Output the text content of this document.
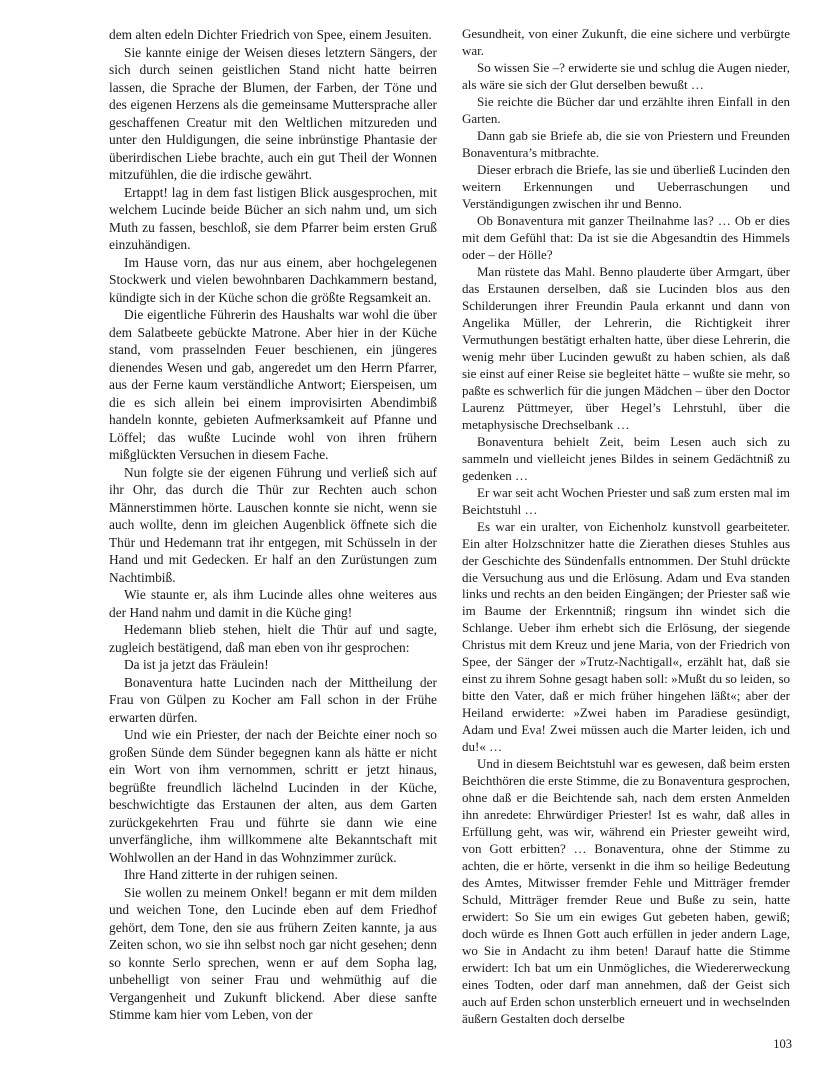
dem alten edeln Dichter Friedrich von Spee, einem Jesuiten.

Sie kannte einige der Weisen dieses letztern Sängers, der sich durch seinen geistlichen Stand nicht hatte beirren lassen, die Sprache der Blumen, der Farben, der Töne und des eigenen Herzens als die gemeinsame Muttersprache aller geschaffenen Creatur mit den Weltlichen mitzureden und unter den Huldigungen, die seine inbrünstige Phantasie der überirdischen Liebe brachte, auch ein gut Theil der Wonnen mitzufühlen, die die irdische gewährt.

Ertappt! lag in dem fast listigen Blick ausgesprochen, mit welchem Lucinde beide Bücher an sich nahm und, um sich Muth zu fassen, beschloß, sie dem Pfarrer beim ersten Gruß einzuhändigen.

Im Hause vorn, das nur aus einem, aber hochgelegenen Stockwerk und vielen bewohnbaren Dachkammern bestand, kündigte sich in der Küche schon die größte Regsamkeit an.

Die eigentliche Führerin des Haushalts war wohl die über dem Salatbeete gebückte Matrone. Aber hier in der Küche stand, vom prasselnden Feuer beschienen, ein jüngeres dienendes Wesen und gab, angeredet um den Herrn Pfarrer, aus der Ferne kaum verständliche Antwort; Eierspeisen, um die es sich allein bei einem improvisirten Abendimbiß handeln konnte, gebieten Aufmerksamkeit auf Pfanne und Löffel; das wußte Lucinde wohl von ihren frühern mißglückten Versuchen in diesem Fache.

Nun folgte sie der eigenen Führung und verließ sich auf ihr Ohr, das durch die Thür zur Rechten auch schon Männerstimmen hörte. Lauschen konnte sie nicht, wenn sie auch wollte, denn im gleichen Augenblick öffnete sich die Thür und Hedemann trat ihr entgegen, mit Schüsseln in der Hand und mit Gedecken. Er half an den Zurüstungen zum Nachtimbiß.

Wie staunte er, als ihm Lucinde alles ohne weiteres aus der Hand nahm und damit in die Küche ging!

Hedemann blieb stehen, hielt die Thür auf und sagte, zugleich bestätigend, daß man eben von ihr gesprochen:

Da ist ja jetzt das Fräulein!

Bonaventura hatte Lucinden nach der Mittheilung der Frau von Gülpen zu Kocher am Fall schon in der Frühe erwarten dürfen.

Und wie ein Priester, der nach der Beichte einer noch so großen Sünde dem Sünder begegnen kann als hätte er nicht ein Wort von ihm vernommen, schritt er jetzt hinaus, begrüßte freundlich lächelnd Lucinden in der Küche, beschwichtigte das Erstaunen der alten, aus dem Garten zurückgekehrten Frau und führte sie dann wie eine unverfängliche, ihm willkommene alte Bekanntschaft mit Wohlwollen an der Hand in das Wohnzimmer zurück.

Ihre Hand zitterte in der ruhigen seinen.

Sie wollen zu meinem Onkel! begann er mit dem milden und weichen Tone, den Lucinde eben auf dem Friedhof gehört, dem Tone, den sie aus frühern Zeiten kannte, ja aus Zeiten schon, wo sie ihn selbst noch gar nicht gesehen; denn so konnte Serlo sprechen, wenn er auf dem Sopha lag, unbehelligt von seiner Frau und wehmüthig auf die Vergangenheit und Zukunft blickend. Aber diese sanfte Stimme kam hier vom Leben, von der

Gesundheit, von einer Zukunft, die eine sichere und verbürgte war.

So wissen Sie –? erwiderte sie und schlug die Augen nieder, als wäre sie sich der Glut derselben bewußt …

Sie reichte die Bücher dar und erzählte ihren Einfall in den Garten.

Dann gab sie Briefe ab, die sie von Priestern und Freunden Bonaventura’s mitbrachte.

Dieser erbrach die Briefe, las sie und überließ Lucinden den weitern Erkennungen und Ueberraschungen und Verständigungen zwischen ihr und Benno.

Ob Bonaventura mit ganzer Theilnahme las? … Ob er dies mit dem Gefühl that: Da ist sie die Abgesandtin des Himmels oder – der Hölle?

Man rüstete das Mahl. Benno plauderte über Armgart, über das Erstaunen derselben, daß sie Lucinden blos aus den Schilderungen ihrer Freundin Paula erkannt und dann von Angelika Müller, der Lehrerin, die Richtigkeit ihrer Vermuthungen bestätigt erhalten hatte, über diese Lehrerin, die wenig mehr über Lucinden gewußt zu haben schien, als daß sie einst auf einer Reise sie begleitet hätte – wußte sie mehr, so paßte es schwerlich für die jungen Mädchen – über den Doctor Laurenz Püttmeyer, über Hegel’s Lehrstuhl, über die metaphysische Drechselbank …

Bonaventura behielt Zeit, beim Lesen auch sich zu sammeln und vielleicht jenes Bildes in seinem Gedächtniß zu gedenken …

Er war seit acht Wochen Priester und saß zum ersten mal im Beichtstuhl …

Es war ein uralter, von Eichenholz kunstvoll gearbeiteter. Ein alter Holzschnitzer hatte die Zierathen dieses Stuhles aus der Geschichte des Sündenfalls entnommen. Der Stuhl drückte die Versuchung aus und die Erlösung. Adam und Eva standen links und rechts an den beiden Eingängen; der Priester saß wie im Baume der Erkenntniß; ringsum ihn windet sich die Schlange. Ueber ihm erhebt sich die Erlösung, der siegende Christus mit dem Kreuz und jene Maria, von der Friedrich von Spee, der Sänger der »Trutz-Nachtigall«, erzählt hat, daß sie einst zu ihrem Sohne gesagt haben soll: »Mußt du so leiden, so bitte den Vater, daß er mich früher hingehen läßt«; aber der Heiland erwiderte: »Zwei haben im Paradiese gesündigt, Adam und Eva! Zwei müssen auch die Marter leiden, ich und du!« …

Und in diesem Beichtstuhl war es gewesen, daß beim ersten Beichthören die erste Stimme, die zu Bonaventura gesprochen, ohne daß er die Beichtende sah, nach dem ersten Anmelden ihn anredete: Ehrwürdiger Priester! Ist es wahr, daß alles in Erfüllung geht, was wir, während ein Priester geweiht wird, von Gott erbitten? … Bonaventura, ohne der Stimme zu achten, die er hörte, versenkt in die ihm so heilige Bedeutung des Amtes, Mitwisser fremder Fehle und Mitträger fremder Schuld, Mitträger fremder Reue und Buße zu sein, hatte erwidert: So Sie um ein ewiges Gut gebeten haben, gewiß; doch würde es Ihnen Gott auch erfüllen in jeder andern Lage, wo Sie in Andacht zu ihm beten! Darauf hatte die Stimme erwidert: Ich bat um ein Unmögliches, die Wiedererweckung eines Todten, oder darf man annehmen, daß der Geist sich auch auf Erden schon unsterblich erneuert und in wechselnden äußern Gestalten doch derselbe

103
